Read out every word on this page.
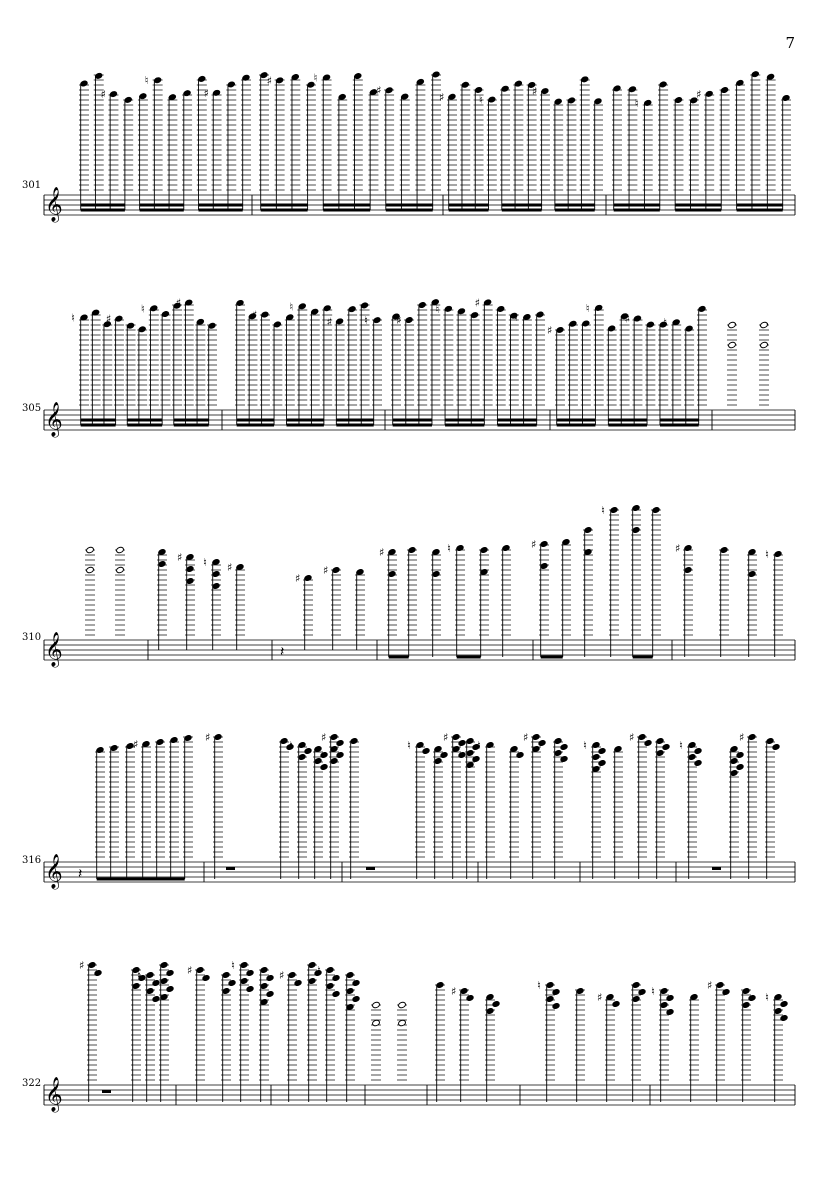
7
301
305
310
316
322
𝄞
♯
♮
♯
♯	♮
♯
♯	♮
♯
♮
♯
𝄞
♮	♯
♮	♯
♯
♮
♯	♮	♯
♮	♯
♮
♯
♮
♯	♮
𝄞
♯ ♮ ♯
𝄽
♯
♯
♯	♮	♯
♮
♯	♮
𝄞 𝄽
♯
♯
♮
♯
♮
♯
♮
♯
♮
♯
♮
♯
𝄞
♯
♮	♯	♮
♯	♮
♯	♮
♯	♮	♯
♮
